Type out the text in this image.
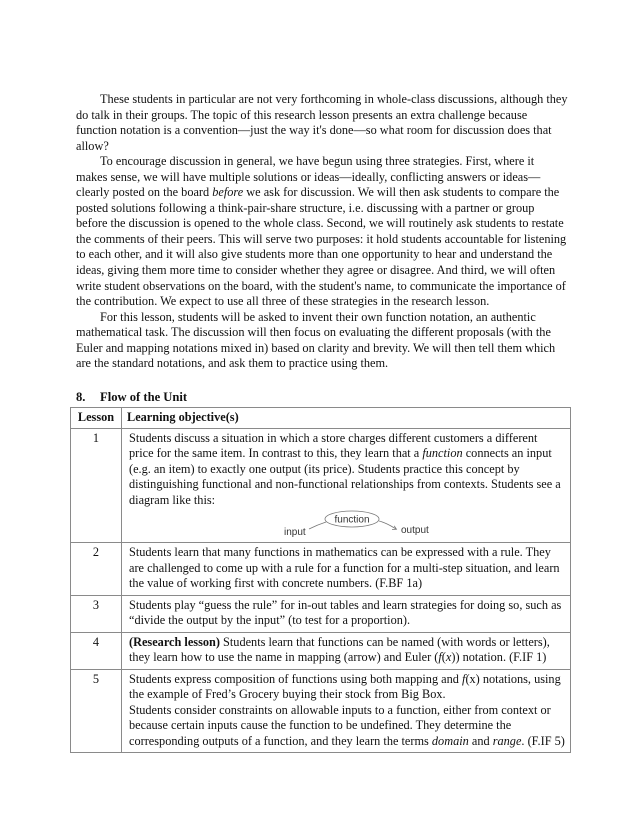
These students in particular are not very forthcoming in whole-class discussions, although they do talk in their groups. The topic of this research lesson presents an extra challenge because function notation is a convention—just the way it's done—so what room for discussion does that allow?

To encourage discussion in general, we have begun using three strategies. First, where it makes sense, we will have multiple solutions or ideas—ideally, conflicting answers or ideas—clearly posted on the board before we ask for discussion. We will then ask students to compare the posted solutions following a think-pair-share structure, i.e. discussing with a partner or group before the discussion is opened to the whole class. Second, we will routinely ask students to restate the comments of their peers. This will serve two purposes: it hold students accountable for listening to each other, and it will also give students more than one opportunity to hear and understand the ideas, giving them more time to consider whether they agree or disagree. And third, we will often write student observations on the board, with the student's name, to communicate the importance of the contribution. We expect to use all three of these strategies in the research lesson.

For this lesson, students will be asked to invent their own function notation, an authentic mathematical task. The discussion will then focus on evaluating the different proposals (with the Euler and mapping notations mixed in) based on clarity and brevity. We will then tell them which are the standard notations, and ask them to practice using them.

8. Flow of the Unit
Lesson	Learning objective(s)
1	Students discuss a situation in which a store charges different customers a different price for the same item. In contrast to this, they learn that a function connects an input (e.g. an item) to exactly one output (its price). Students practice this concept by distinguishing functional and non-functional relationships from contexts. Students see a diagram like this:
function
input output

2	Students learn that many functions in mathematics can be expressed with a rule. They are challenged to come up with a rule for a function for a multi-step situation, and learn the value of working first with concrete numbers. (F.BF 1a)
3	Students play “guess the rule” for in-out tables and learn strategies for doing so, such as “divide the output by the input” (to test for a proportion).
4	(Research lesson) Students learn that functions can be named (with words or letters), they learn how to use the name in mapping (arrow) and Euler (f(x)) notation. (F.IF 1)
5	Students express composition of functions using both mapping and f(x) notations, using the example of Fred’s Grocery buying their stock from Big Box.
Students consider constraints on allowable inputs to a function, either from context or because certain inputs cause the function to be undefined. They determine the corresponding outputs of a function, and they learn the terms domain and range. (F.IF 5)
